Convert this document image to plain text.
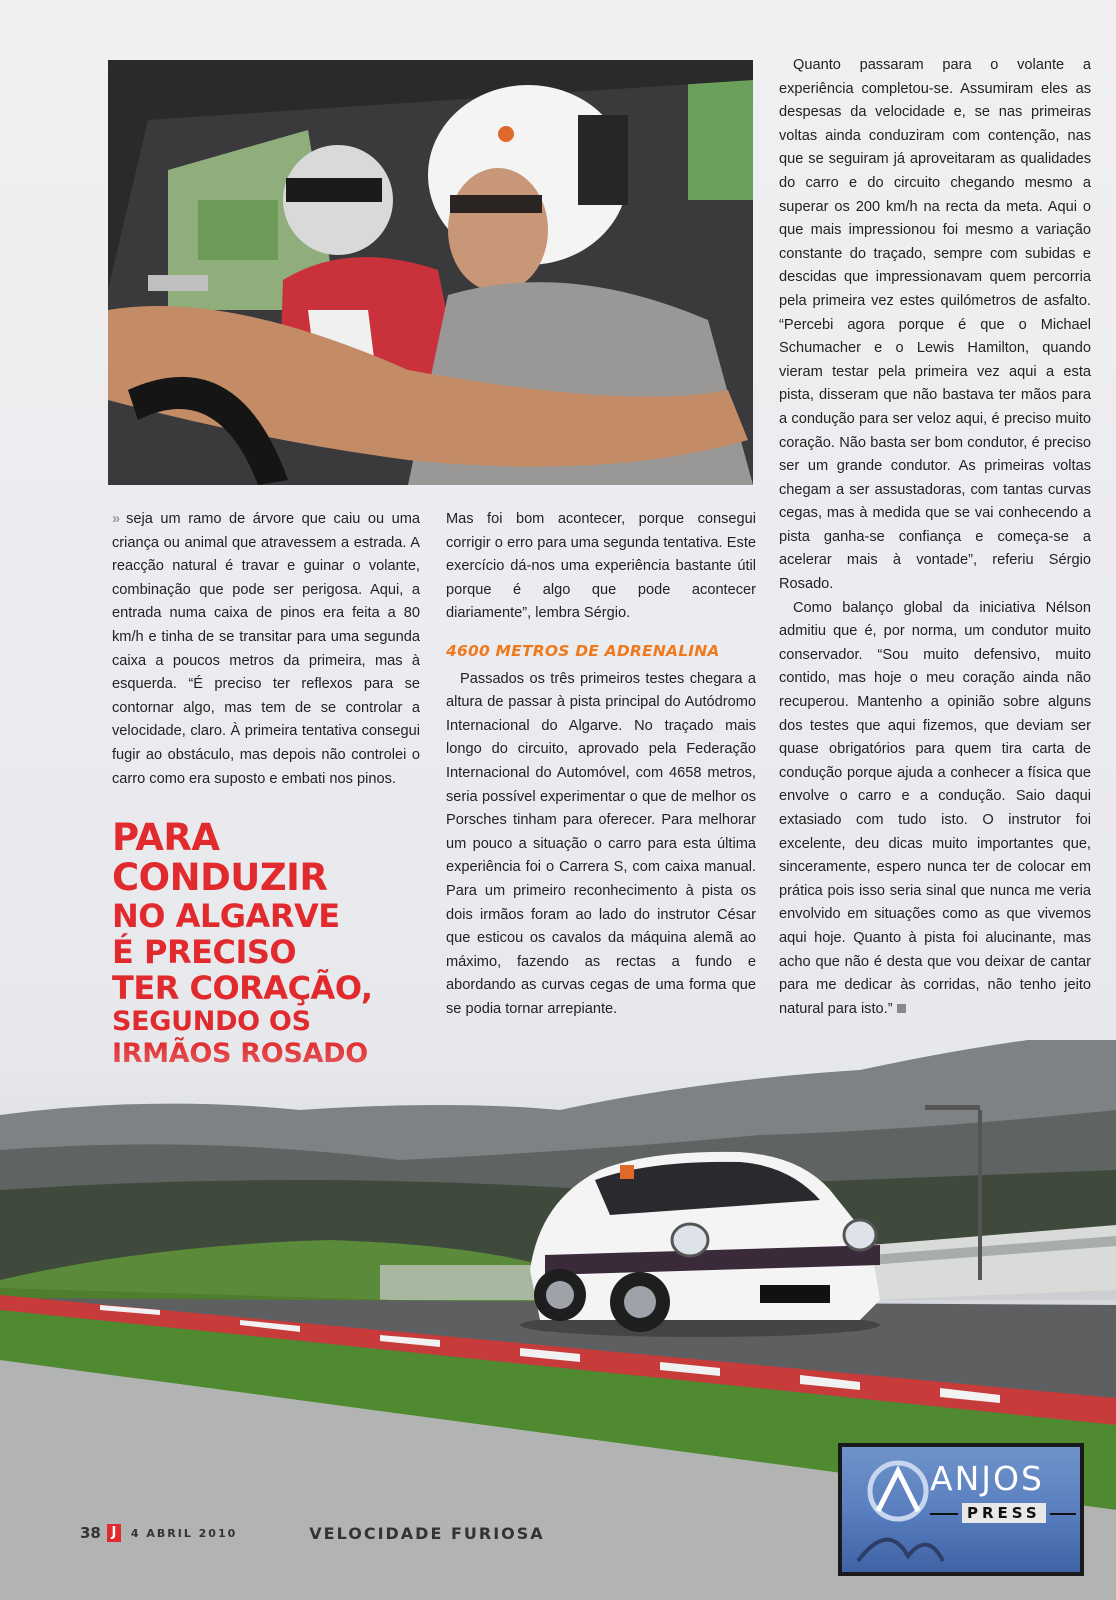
» seja um ramo de árvore que caiu ou uma criança ou animal que atravessem a estrada. A reacção natural é travar e guinar o volante, combinação que pode ser perigosa. Aqui, a entrada numa caixa de pinos era feita a 80 km/h e tinha de se transitar para uma segunda caixa a poucos metros da primeira, mas à esquerda. “É preciso ter reflexos para se contornar algo, mas tem de se controlar a velocidade, claro. À primeira tentativa consegui fugir ao obstáculo, mas depois não controlei o carro como era suposto e embati nos pinos.

Mas foi bom acontecer, porque consegui corrigir o erro para uma segunda tentativa. Este exercício dá-nos uma experiência bastante útil porque é algo que pode acontecer diariamente”, lembra Sérgio.

4600 METROS DE ADRENALINA

Passados os três primeiros testes chegara a altura de passar à pista principal do Autódromo Internacional do Algarve. No traçado mais longo do circuito, aprovado pela Federação Internacional do Automóvel, com 4658 metros, seria possível experimentar o que de melhor os Porsches tinham para oferecer. Para melhorar um pouco a situação o carro para esta última experiência foi o Carrera S, com caixa manual. Para um primeiro reconhecimento à pista os dois irmãos foram ao lado do instrutor César que esticou os cavalos da máquina alemã ao máximo, fazendo as rectas a fundo e abordando as curvas cegas de uma forma que se podia tornar arrepiante.

Quanto passaram para o volante a experiência completou-se. Assumiram eles as despesas da velocidade e, se nas primeiras voltas ainda conduziram com contenção, nas que se seguiram já aproveitaram as qualidades do carro e do circuito chegando mesmo a superar os 200 km/h na recta da meta. Aqui o que mais impressionou foi mesmo a variação constante do traçado, sempre com subidas e descidas que impressionavam quem percorria pela primeira vez estes quilómetros de asfalto. “Percebi agora porque é que o Michael Schumacher e o Lewis Hamilton, quando vieram testar pela primeira vez aqui a esta pista, disseram que não bastava ter mãos para a condução para ser veloz aqui, é preciso muito coração. Não basta ser bom condutor, é preciso ser um grande condutor. As primeiras voltas chegam a ser assustadoras, com tantas curvas cegas, mas à medida que se vai conhecendo a pista ganha-se confiança e começa-se a acelerar mais à vontade”, referiu Sérgio Rosado.

Como balanço global da iniciativa Nélson admitiu que é, por norma, um condutor muito conservador. “Sou muito defensivo, muito contido, mas hoje o meu coração ainda não recuperou. Mantenho a opinião sobre alguns dos testes que aqui fizemos, que deviam ser quase obrigatórios para quem tira carta de condução porque ajuda a conhecer a física que envolve o carro e a condução. Saio daqui extasiado com tudo isto. O instrutor foi excelente, deu dicas muito importantes que, sinceramente, espero nunca ter de colocar em prática pois isso seria sinal que nunca me veria envolvido em situações como as que vivemos aqui hoje. Quanto à pista foi alucinante, mas acho que não é desta que vou deixar de cantar para me dedicar às corridas, não tenho jeito natural para isto.”

PARA
CONDUZIR
NO ALGARVE
É PRECISO
TER CORAÇÃO,
SEGUNDO OS
38 J	4 ABRIL 2010	VELOCIDADE FURIOSA
ANJOS
PRESS
